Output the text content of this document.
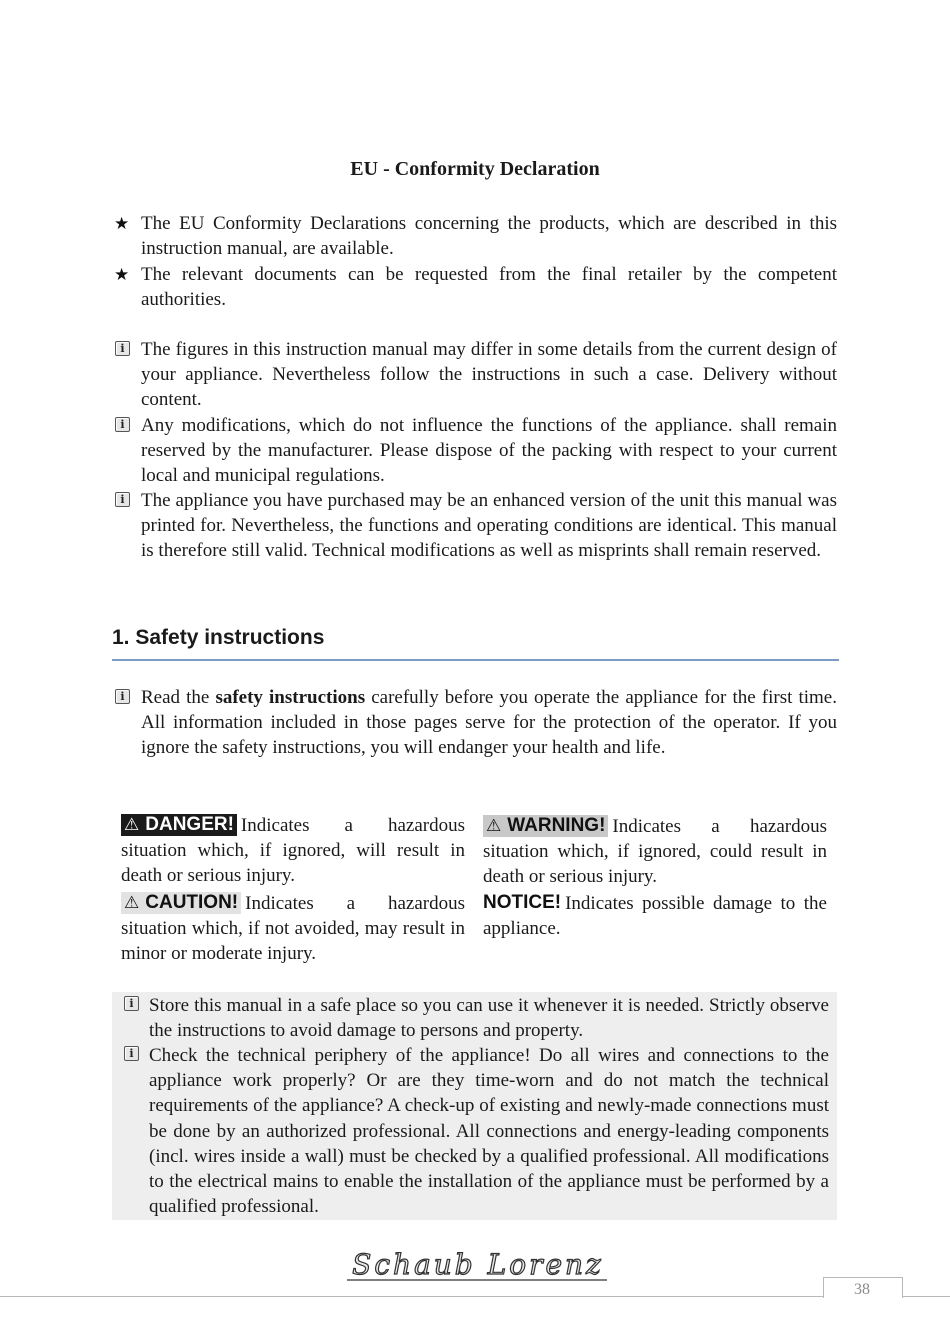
EU - Conformity Declaration
★ The EU Conformity Declarations concerning the products, which are described in this instruction manual, are available.
★ The relevant documents can be requested from the final retailer by the competent authorities.
i The figures in this instruction manual may differ in some details from the current design of your appliance. Nevertheless follow the instructions in such a case. Delivery without content.
i Any modifications, which do not influence the functions of the appliance. shall remain reserved by the manufacturer. Please dispose of the packing with respect to your current local and municipal regulations.
i The appliance you have purchased may be an enhanced version of the unit this manual was printed for. Nevertheless, the functions and operating conditions are identical. This manual is therefore still valid. Technical modifications as well as misprints shall remain reserved.
1. Safety instructions
i Read the safety instructions carefully before you operate the appliance for the first time. All information included in those pages serve for the protection of the operator. If you ignore the safety instructions, you will endanger your health and life.
⚠ DANGER! Indicates a hazardous situation which, if ignored, will result in death or serious injury.
⚠ CAUTION! Indicates a hazardous situation which, if not avoided, may result in minor or moderate injury.
⚠ WARNING! Indicates a hazardous situation which, if ignored, could result in death or serious injury.
NOTICE! Indicates possible damage to the appliance.
i Store this manual in a safe place so you can use it whenever it is needed. Strictly observe the instructions to avoid damage to persons and property.
i Check the technical periphery of the appliance! Do all wires and connections to the appliance work properly? Or are they time-worn and do not match the technical requirements of the appliance? A check-up of existing and newly-made connections must be done by an authorized professional. All connections and energy-leading components (incl. wires inside a wall) must be checked by a qualified professional. All modifications to the electrical mains to enable the installation of the appliance must be performed by a qualified professional.
Schaub Lorenz
38
